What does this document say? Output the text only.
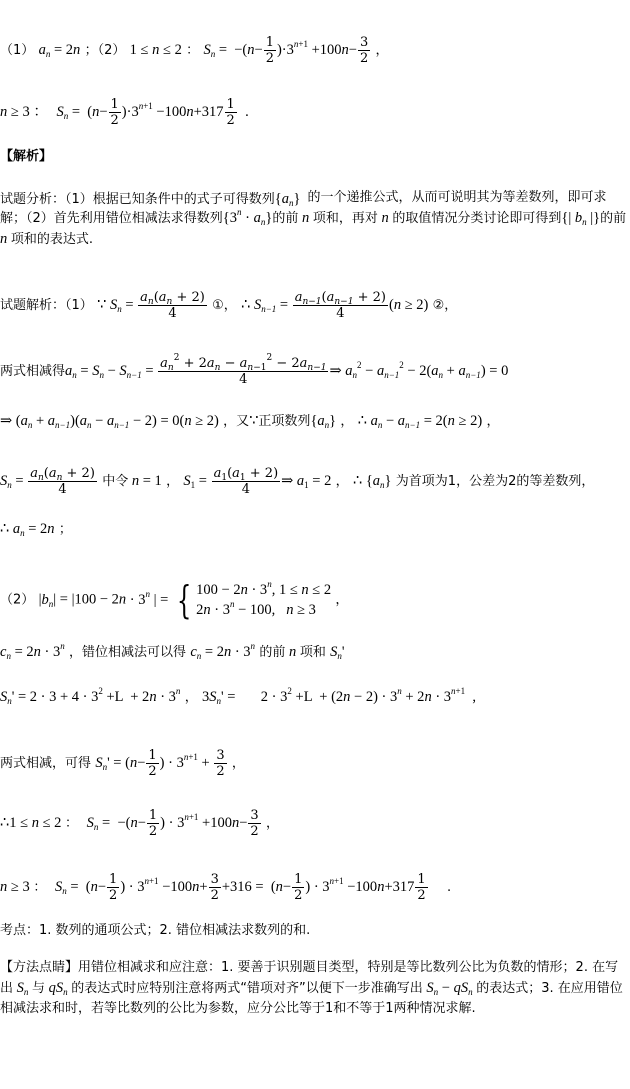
（1） $a_n = 2n$ ；（2） 1 ≤ n ≤ 2 ： $S_n = -(n- \frac{1}{2} )\cdot 3^{n+1} +100n- \frac{3}{2}$ ，
n ≥ 3 ： $S_n = (n- \frac{1}{2} )\cdot 3^{n+1} -100n+317 \frac{1}{2}$ .
【解析】
试题分析：（1）根据已知条件中的式子可得数列$\{a_n\}$ 的一个递推公式，从而可说明其为等差数列，即可求解；（2）首先利用错位相减法求得数列$\{3^n \cdot a_n\}$的前 n 项和，再对 n 的取值情况分类讨论即可得到{| $b_n$ |}的前 n 项和的表达式.
试题解析：（1） ∵ $S_n = \frac{a_n(a_n + 2)}{4}$ ①， ∴ $S_{n-1} = \frac{a_{n-1}(a_{n-1} + 2)}{4} (n \ge 2)$ ②，
两式相减得$a_n = S_n - S_{n-1} = \frac{a_n^2 + 2a_n - a_{n-1}^2 - 2a_{n-1}}{4}$ ⇒ $a_n^2 - a_{n-1}^2 - 2(a_n + a_{n-1}) = 0$
⇒ $(a_n + a_{n-1})(a_n - a_{n-1} - 2) = 0(n \ge 2)$ ，又∵正项数列$\{a_n\}$ ， ∴ $a_n - a_{n-1} = 2(n \ge 2)$ ，
$S_n = \frac{a_n(a_n + 2)}{4}$ 中令 n = 1 ， $S_1 = \frac{a_1(a_1 + 2)}{4}$ ⇒ $a_1 = 2$ ， ∴ $\{a_n\}$ 为首项为1，公差为2的等差数列，
∴ $a_n = 2n$ ；
（2） $|b_n| = |100 - 2n \cdot 3^n$ | = { $100 - 2n \cdot 3^n$, 1 ≤ n ≤ 2
$2n \cdot 3^n - 100$,   n ≥ 3 ，
$c_n = 2n \cdot 3^n$ ，错位相减法可以得 $c_n = 2n \cdot 3^n$ 的前 n 项和 $S_n'$
$S_n' = 2 \cdot 3 + 4 \cdot 3^2 +L + 2n \cdot 3^n$ ， $3S_n'$ =       $2 \cdot 3^2 +L + (2n - 2) \cdot 3^n + 2n \cdot 3^{n+1}$  ,
两式相减，可得 $S_n' = (n- \frac{1}{2}$ ) · $3^{n+1} + \frac{3}{2}$ ，
∴1 ≤ n ≤ 2 ： $S_n = -(n- \frac{1}{2}$ ) · $3^{n+1} +100n- \frac{3}{2}$ ，
n ≥ 3 ： $S_n = (n- \frac{1}{2}$ ) · $3^{n+1} -100n+ \frac{3}{2} +316 = (n- \frac{1}{2}$ ) · $3^{n+1} -100n+317 \frac{1}{2}$ .
考点：1. 数列的通项公式；2. 错位相减法求数列的和.
【方法点睛】用错位相减求和应注意：1. 要善于识别题目类型，特别是等比数列公比为负数的情形；2. 在写出 $S_n$ 与 $qS_n$ 的表达式时应特别注意将两式“错项对齐”以便下一步准确写出 $S_n - qS_n$ 的表达式；3. 在应用错位相减法求和时，若等比数列的公比为参数，应分公比等于1和不等于1两种情况求解.
